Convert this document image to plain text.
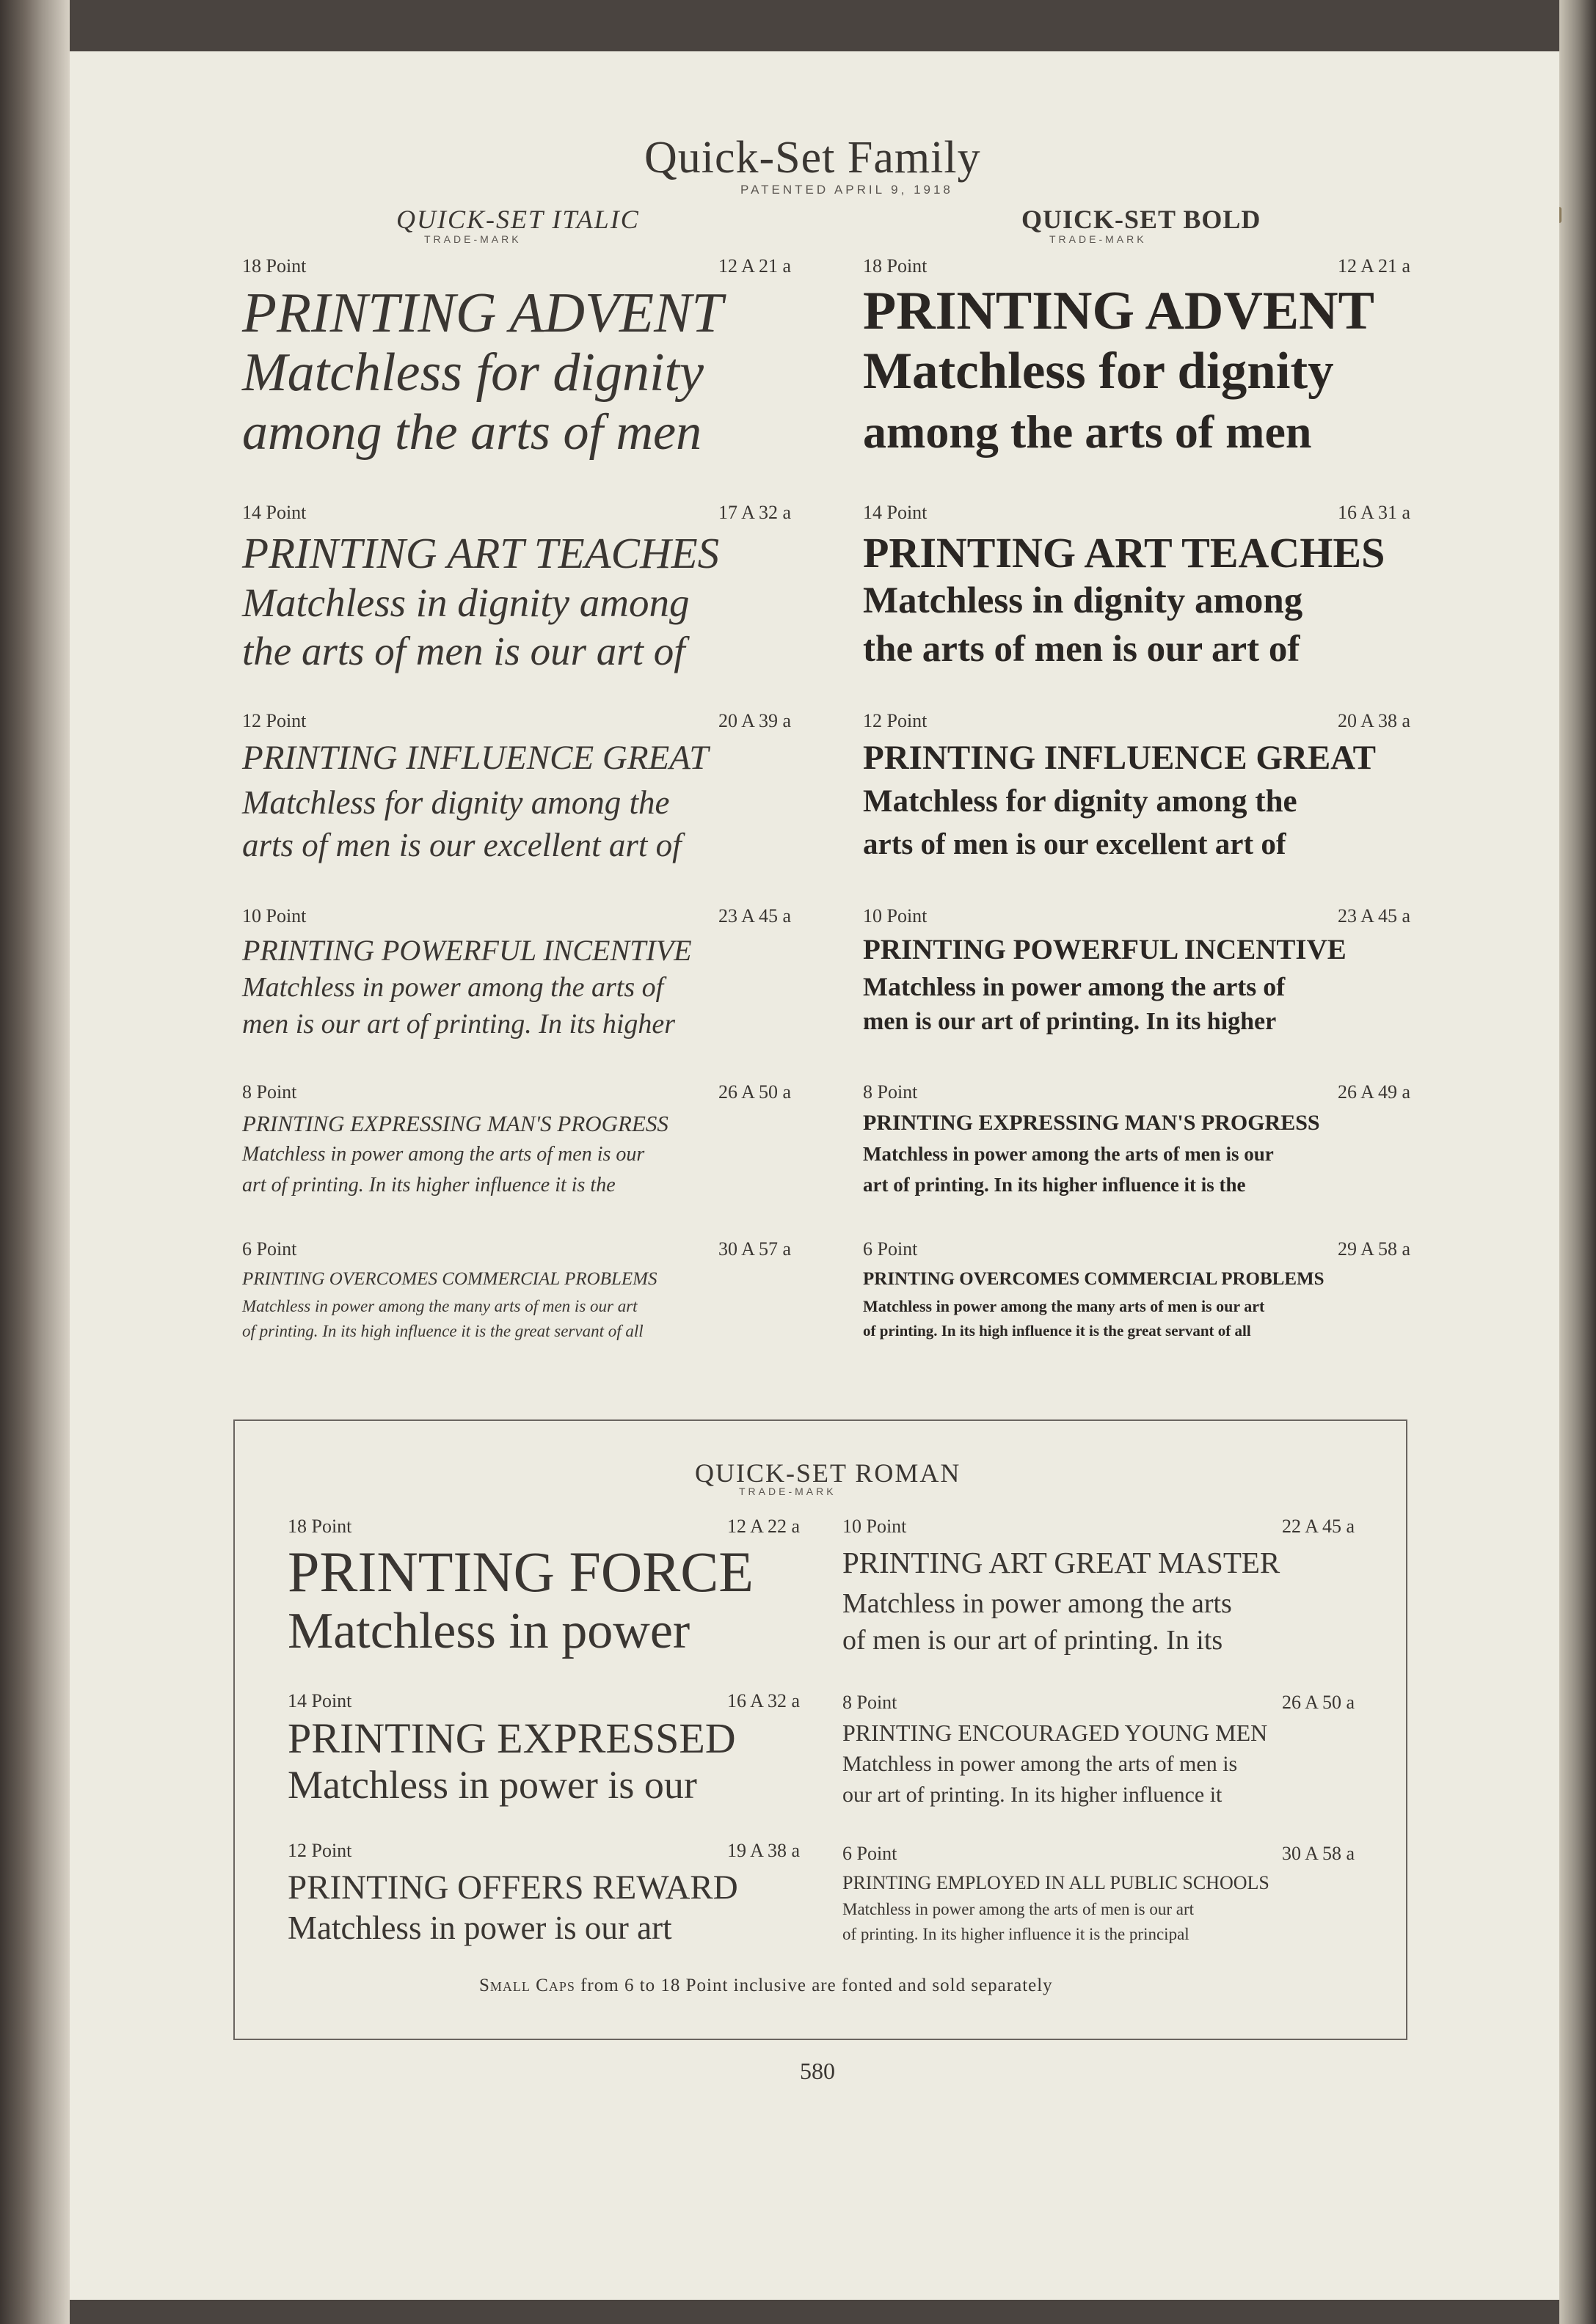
Quick-Set Family
PATENTED APRIL 9, 1918
QUICK-SET ITALIC
TRADE-MARK
QUICK-SET BOLD
TRADE-MARK
18 Point	12 A 21 a
PRINTING ADVENT
Matchless for dignity
among the arts of men
14 Point	17 A 32 a
PRINTING ART TEACHES
Matchless in dignity among
the arts of men is our art of
12 Point	20 A 39 a
PRINTING INFLUENCE GREAT
Matchless for dignity among the
arts of men is our excellent art of
10 Point	23 A 45 a
PRINTING POWERFUL INCENTIVE
Matchless in power among the arts of
men is our art of printing. In its higher
8 Point	26 A 50 a
PRINTING EXPRESSING MAN'S PROGRESS
Matchless in power among the arts of men is our
art of printing. In its higher influence it is the
6 Point	30 A 57 a
PRINTING OVERCOMES COMMERCIAL PROBLEMS
Matchless in power among the many arts of men is our art
of printing. In its high influence it is the great servant of all
18 Point	12 A 21 a
PRINTING ADVENT
Matchless for dignity
among the arts of men
14 Point	16 A 31 a
PRINTING ART TEACHES
Matchless in dignity among
the arts of men is our art of
12 Point	20 A 38 a
PRINTING INFLUENCE GREAT
Matchless for dignity among the
arts of men is our excellent art of
10 Point	23 A 45 a
PRINTING POWERFUL INCENTIVE
Matchless in power among the arts of
men is our art of printing. In its higher
8 Point	26 A 49 a
PRINTING EXPRESSING MAN'S PROGRESS
Matchless in power among the arts of men is our
art of printing. In its higher influence it is the
6 Point	29 A 58 a
PRINTING OVERCOMES COMMERCIAL PROBLEMS
Matchless in power among the many arts of men is our art
of printing. In its high influence it is the great servant of all
QUICK-SET ROMAN
TRADE-MARK
18 Point	12 A 22 a
PRINTING FORCE
Matchless in power
14 Point	16 A 32 a
PRINTING EXPRESSED
Matchless in power is our
12 Point	19 A 38 a
PRINTING OFFERS REWARD
Matchless in power is our art
10 Point	22 A 45 a
PRINTING ART GREAT MASTER
Matchless in power among the arts
of men is our art of printing. In its
8 Point	26 A 50 a
PRINTING ENCOURAGED YOUNG MEN
Matchless in power among the arts of men is
our art of printing. In its higher influence it
6 Point	30 A 58 a
PRINTING EMPLOYED IN ALL PUBLIC SCHOOLS
Matchless in power among the arts of men is our art
of printing. In its higher influence it is the principal
Small Caps from 6 to 18 Point inclusive are fonted and sold separately
580
